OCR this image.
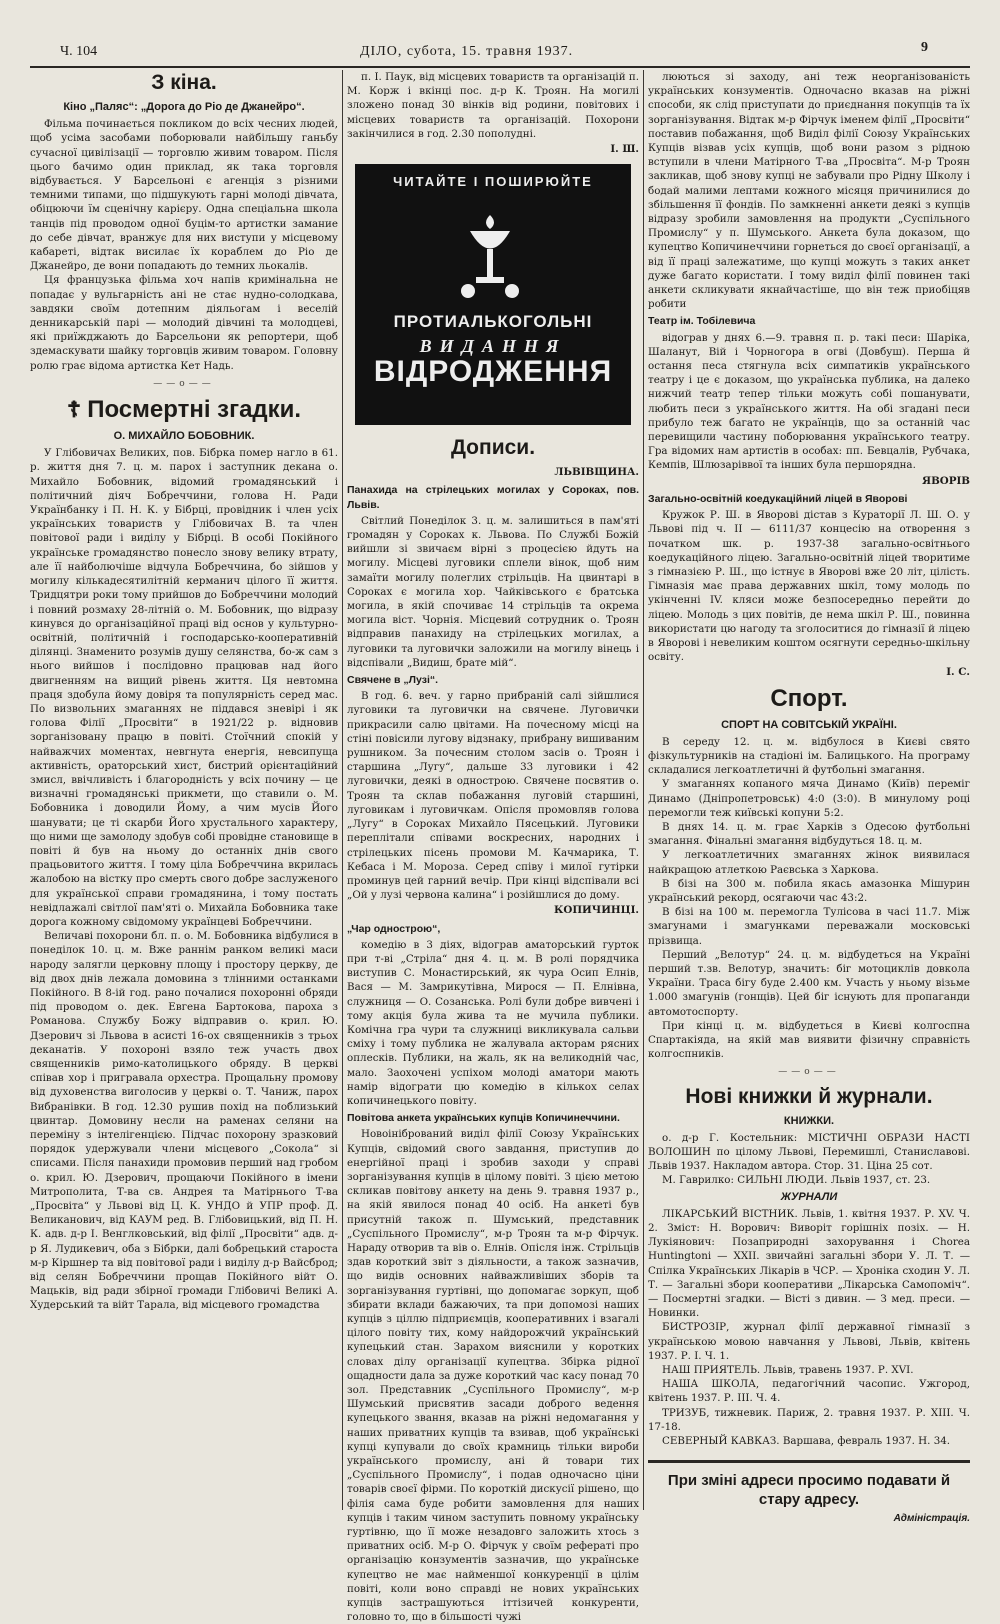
Ч. 104	ДІЛО, субота, 15. травня 1937.	9
З кіна.
Кіно „Паляс“: „Дорога до Ріо де Джанейро“.

Фільма починається покликом до всіх чесних людей, щоб усіма засобами поборювали найбільшу ганьбу сучасної цивілізації — торговлю живим товаром. Після цього бачимо один приклад, як така торговля відбувається. У Барсельоні є агенція з різними темними типами, що підшукують гарні молоді дівчата, обіцюючи їм сценічну карієру. Одна спеціальна школа танців під проводом одної буцім-то артистки замание до себе дівчат, вранжує для них виступи у місцевому кабареті, відтак висилає їх кораблем до Ріо де Джанейро, де вони попадають до темних льокалів.

Ця французька фільма хоч напів кримінальна не попадає у вульгарність ані не стає нудно-солодкава, завдяки своїм дотепним діяльогам і веселій денникарській парі — молодий дівчині та молодцеві, які приїжджають до Барсельони як репортери, щоб здемаскувати шайку торговців живим товаром. Головну ролю грає відома артистка Кет Надь.

——o——
☦ Посмертні згадки.
О. МИХАЙЛО БОБОВНИК.

У Глібовичах Великих, пов. Бібрка помер нагло в 61. р. життя дня 7. ц. м. парох і заступник декана о. Михайло Бобовник, відомий громадянський і політичний діяч Бобреччини, голова Н. Ради Українбанку і П. Н. К. у Бібрці, провідник і член усіх українських товариств у Глібовичах В. та член повітової ради і виділу у Бібрці. В особі Покійного українське громадянство понесло знову велику втрату, але її найболючіше відчула Бобреччина, бо зійшов у могилу кількадесятилітній керманич цілого її життя. Тридцятри роки тому прийшов до Бобреччини молодий і повний розмаху 28-літній о. М. Бобовник, що відразу кинувся до організаційної праці від основ у культурно-освітній, політичній і господарсько-кооперативній ділянці. Знаменито розумів душу селянства, бо-ж сам з нього вийшов і послідовно працював над його двигненням на вищий рівень життя. Ця невтомна праця здобула йому довіря та популярність серед мас. По визвольних змаганнях не піддався зневірі і як голова Філії „Просвіти“ в 1921/22 р. відновив зорганізовану працю в повіті. Стоїчний спокій у найважчих моментах, невгнута енергія, невсипуща активність, ораторський хист, бистрий орієнтаційний змисл, ввічливість і благородність у всіх почину — це визначні громадянські прикмети, що ставили о. М. Бобовника і доводили Йому, а чим мусів Його шанувати; це ті скарби Його хрустального характеру, що ними ще замолоду здобув собі провідне становище в повіті й був на ньому до останніх днів свого працьовитого життя. І тому ціла Бобреччина вкрилась жалобою на вістку про смерть свого добре заслуженого для української справи громадянина, і тому постать невідлажалі світлої пам'яті о. Михайла Бобовника таке дорога кожному свідомому українцеві Бобреччини.

Величаві похорони бл. п. о. М. Бобовника відбулися в понеділок 10. ц. м. Вже раннім ранком великі маси народу залягли церковну площу і простору церкву, де від двох днів лежала домовина з тлінними останками Покійного. В 8-ій год. рано почалися похоронні обряди під проводом о. дек. Евгена Бартокова, пароха з Романова. Службу Божу відправив о. крил. Ю. Дзерович зі Львова в асисті 16-ох священників з трьох деканатів. У похороні взяло теж участь двох священників римо-католицького обряду. В церкві співав хор і пригравала орхестра. Прощальну промову від духовенства виголосив у церкві о. Т. Чаниж, парох Вибранівки. В год. 12.30 рушив похід на поблизький цвинтар. Домовину несли на раменах селяни на переміну з інтелігенцією. Підчас похорону зразковий порядок удержували члени місцевого „Сокола“ зі списами. Після панахиди промовив перший над гробом о. крил. Ю. Дзерович, прощаючи Покійного в імени Митрополита, Т-ва св. Андрея та Матірнього Т-ва „Просвіта“ у Львові від Ц. К. УНДО й УПР проф. Д. Великанович, від КАУМ ред. В. Глібовицький, від П. Н. К. адв. д-р І. Венглковський, від філії „Просвіти“ адв. д-р Я. Лудикевич, оба з Бібрки, далі бобрецький староста м-р Кіршнер та від повітової ради і виділу д-р Вайсброд; від селян Бобреччини прощав Покійного війт О. Мацьків, від ради збірної громади Глібовичі Великі А. Худерський та війт Тарала, від місцевого громадства

п. І. Паук, від місцевих товариств та організацій п. М. Корж і вкінці пос. д-р К. Троян. На могилі зложено понад 30 вінків від родини, повітових і місцевих товариств та організацій. Похорони закінчилися в год. 2.30 пополудні.

І. Ш.
ЧИТАЙТЕ І ПОШИРЮЙТЕ
ПРОТИАЛЬКОГОЛЬНІ
ВИДАННЯ
ВІДРОДЖЕННЯ
Дописи.
ЛЬВІВЩИНА.
Панахида на стрілецьких могилах у Сороках, пов. Львів.

Світлий Понеділок 3. ц. м. залишиться в пам'яті громадян у Сороках к. Львова. По Службі Божій вийшли зі звичаєм вірні з процесією йдуть на могилу. Місцеві луговики сплели вінок, щоб ним замаїти могилу полеглих стрільців. На цвинтарі в Сороках є могила хор. Чайківського є братська могила, в якій спочиває 14 стрільців та окрема могила віст. Чорнія. Місцевий сотрудник о. Троян відправив панахиду на стрілецьких могилах, а луговики та луговички заложили на могилу вінець і відспівали „Видиш, брате мій“.

Свячене в „Лузі“.

В год. 6. веч. у гарно прибраній салі зійшлися луговики та луговички на свячене. Луговички прикрасили салю цвітами. На почесному місці на стіні повісили лугову відзнаку, прибрану вишиваним рушником. За почесним столом засів о. Троян і старшина „Лугу“, дальше 33 луговики і 42 луговички, деякі в однострою. Свячене посвятив о. Троян та склав побажання луговій старшині, луговикам і луговичкам. Опісля промовляв голова „Лугу“ в Сороках Михайло Пясецький. Луговики переплітали співами воскресних, народних і стрілецьких пісень промови М. Качмарика, Т. Кебаса і М. Мороза. Серед співу і милої гутірки проминув цей гарний вечір. При кінці відспівали всі „Ой у лузі червона калина“ і розійшлися до дому.

КОПИЧИНЦІ.
„Чар однострою“,

комедію в 3 діях, відограв аматорський гурток при т-ві „Стріла“ дня 4. ц. м. В ролі порядчика виступив С. Монастирський, як чура Осип Елнів, Вася — М. Замрикутівна, Мирося — П. Елнівна, служниця — О. Созанська. Ролі були добре вивчені і тому акція була жива та не мучила публики. Комічна гра чури та служниці викликувала сальви сміху і тому публика не жалувала акторам рясних оплесків. Публики, на жаль, як на великодній час, мало. Заохочені успіхом молоді аматори мають намір відограти цю комедію в кількох селах копичинецького повіту.

Повітова анкета українських купців Копичинеччини.

Новоінібрований виділ філії Союзу Українських Купців, свідомий свого завдання, приступив до енергійної праці і зробив заходи у справі зорганізування купців в цілому повіті. З цією метою скликав повітову анкету на день 9. травня 1937 р., на якій явилося понад 40 осіб. На анкеті був присутній також п. Шумський, представник „Суспільного Промислу“, м-р Троян та м-р Фірчук. Нараду отворив та вів о. Елнів. Опісля інж. Стрільців здав короткий звіт з діяльности, а також зазначив, що видів основних найважливіших зборів та зорганізування гуртівні, що допомагає зоркуп, щоб збирати вклади бажаючих, та при допомозі наших купців з ціллю підприємців, кооперативних і взагалі цілого повіту тих, кому найдорожчий український купецький стан. Зарахом вияснили у коротких словах ділу організації купецтва. Збірка рідної ощадности дала за дуже короткий час касу понад 70 зол. Представник „Суспільного Промислу“, м-р Шумський присвятив засади доброго ведення купецького звання, вказав на ріжні недомагання у наших приватних купців та взивав, щоб українські купці купували до своїх крамниць тільки вироби українського промислу, ані й товари тих „Суспільного Промислу“, і подав одночасно ціни товарів своєї фірми. По короткій дискусії рішено, що філія сама буде робити замовлення для наших купців і таким чином заступить повному українську гуртівню, що її може незадовго заложить хтось з приватних осіб. М-р О. Фірчук у своїм рефераті про організацію конзументів зазначив, що українське купецтво не має найменшої конкуренції в цілім повіті, коли воно справді не нових українських купців застрашуються іттізичей конкуренти, головно то, що в більшості чужі

люються зі заходу, ані теж неорганізованість українських конзументів. Одночасно вказав на ріжні способи, як слід приступати до приєднання покупців та їх зорганізування. Відтак м-р Фірчук іменем філії „Просвіти“ поставив побажання, щоб Виділ філії Союзу Українських Купців візвав усіх купців, щоб вони разом з рідною вступили в члени Матірного Т-ва „Просвіта“. М-р Троян закликав, щоб знову купці не забували про Рідну Школу і бодай малими лептами кожного місяця причинилися до збільшення її фондів. По замкненні анкети деякі з купців відразу зробили замовлення на продукти „Суспільного Промислу“ у п. Шумського. Анкета була доказом, що купецтво Копичинеччини горнеться до своєї організації, а від її праці залежатиме, що купці можуть з таких анкет дуже багато користати. І тому виділ філії повинен такі анкети скликувати якнайчастіше, що він теж приобіцяв робити

Театр ім. Тобілевича

відограв у днях 6.—9. травня п. р. такі песи: Шаріка, Шаланут, Вій і Чорногора в огві (Довбуш). Перша й остання песа стягнула всіх симпатиків українського театру і це є доказом, що українська публика, на далеко нижчий театр тепер тільки можуть собі пошанувати, любить песи з українського життя. На обі згадані песи прибуло теж багато не українців, що за останній час перевищили частину поборювання українського театру. Гра відомих нам артистів в особах: пп. Бевцалів, Рубчака, Кемпів, Шлюзаріввої та інших була першорядна.

ЯВОРІВ
Загально-освітній коедукаційний ліцей в Яворові

Кружок Р. Ш. в Яворові дістав з Кураторії Л. Ш. О. у Львові під ч. ІІ — 6111/37 концесію на отворення з початком шк. р. 1937-38 загально-освітнього коедукаційного ліцею. Загально-освітній ліцей творитиме з гімназією Р. Ш., що істнує в Яворові вже 20 літ, цілість. Гімназія має права державних шкіл, тому молодь по укінченні IV. кляси може безпосередньо перейти до ліцею. Молодь з цих повітів, де нема шкіл Р. Ш., повинна використати цю нагоду та зголоситися до гімназії й ліцею в Яворові і невеликим коштом осягнути середньо-шкільну освіту.

І. С.
Спорт.
СПОРТ НА СОВІТСЬКІЙ УКРАЇНІ.

В середу 12. ц. м. відбулося в Києві свято фізкультурників на стадіоні ім. Балицького. На програму складалися легкоатлетичні й футбольні змагання.

У змаганнях копаного мяча Динамо (Київ) переміг Динамо (Дніпропетровськ) 4:0 (3:0). В минулому році перемогли теж київські копуни 5:2.

В днях 14. ц. м. грає Харків з Одесою футбольні змагання. Фінальні змагання відбудуться 18. ц. м.

У легкоатлетичних змаганнях жінок виявилася найкращою атлеткою Раєвська з Харкова.

В бізі на 300 м. побила якась амазонка Мішурин український рекорд, осягаючи час 43:2.

В бізі на 100 м. перемогла Тулісова в часі 11.7. Між змагунами і змагунками переважали московські прізвища.

Перший „Велотур“ 24. ц. м. відбудеться на Україні перший т.зв. Велотур, значить: біг мотоциклів довкола України. Траса бігу буде 2.400 км. Участь у ньому візьме 1.000 змагунів (гонщів). Цей біг існують для пропаганди автомотоспорту.

При кінці ц. м. відбудеться в Києві колгоспна Спартакіяда, на якій мав виявити фізичну справність колгоспників.

——o——
Нові книжки й журнали.
КНИЖКИ.

о. д-р Г. Костельник: МІСТИЧНІ ОБРАЗИ НАСТІ ВОЛОШИН по цілому Львові, Перемишлі, Станиславові. Львів 1937. Накладом автора. Стор. 31. Ціна 25 сот.

М. Гаврилко: СИЛЬНІ ЛЮДИ. Львів 1937, ст. 23.

ЖУРНАЛИ

ЛІКАРСЬКИЙ ВІСТНИК. Львів, 1. квітня 1937. Р. XV. Ч. 2. Зміст: Н. Ворович: Виворіт горішніх позіх. — Н. Лукіянович: Позаприродні захорування і Chorea Huntingtoni — XXII. звичайні загальні збори У. Л. Т. — Спілка Українських Лікарів в ЧСР. — Хроніка сходин У. Л. Т. — Загальні збори кооперативи „Лікарська Самопоміч“. — Посмертні згадки. — Вісті з дивин. — З мед. преси. — Новинки.

БИСТРОЗІР, журнал філії державної гімназії з українською мовою навчання у Львові, Львів, квітень 1937. Р. І. Ч. 1.

НАШ ПРИЯТЕЛЬ. Львів, травень 1937. Р. XVI.

НАША ШКОЛА, педагогічний часопис. Ужгород, квітень 1937. Р. III. Ч. 4.

ТРИЗУБ, тижневик. Париж, 2. травня 1937. Р. XIII. Ч. 17-18.

СЕВЕРНЫЙ КАВКАЗ. Варшава, февраль 1937. Н. 34.

При зміні адреси просимо подавати й стару адресу.
Адміністрація.
